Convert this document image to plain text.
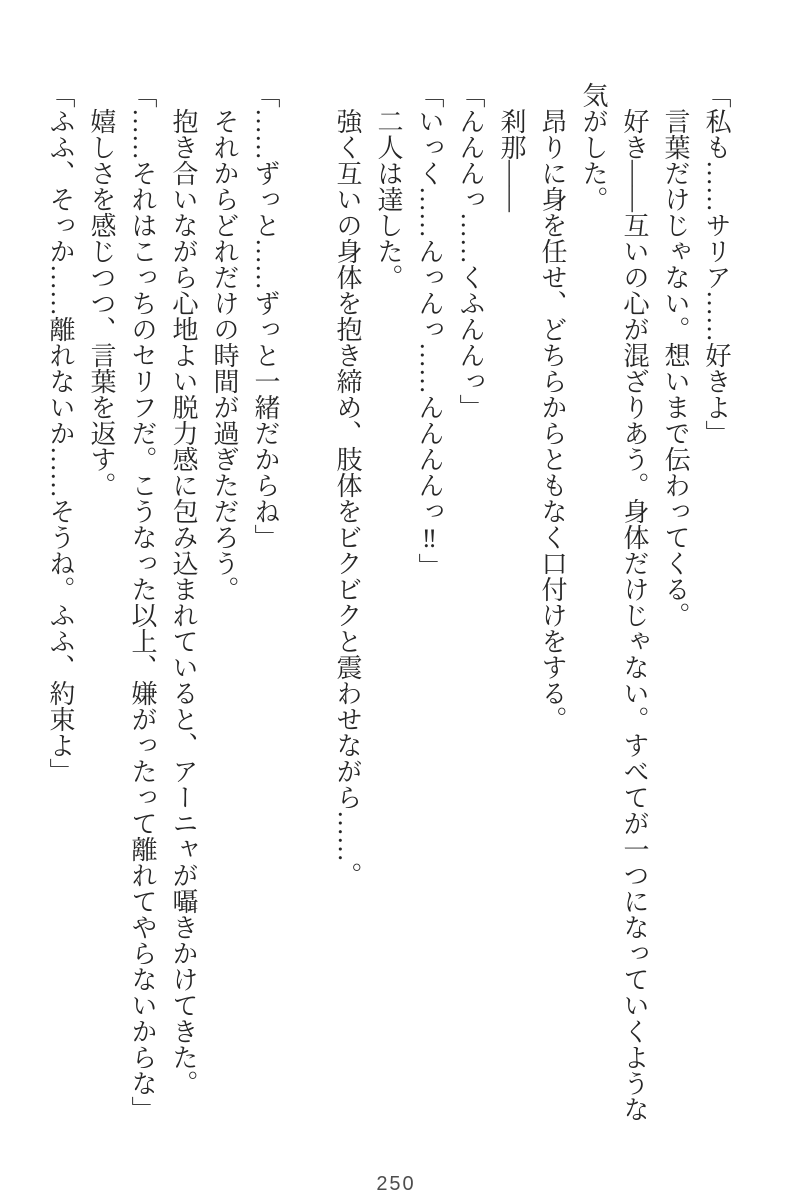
「私も……サリア……好きよ」

言葉だけじゃない。想いまで伝わってくる。

好き――互いの心が混ざりあう。身体だけじゃない。すべてが一つになっていくような気がした。

昂りに身を任せ、どちらからともなく口付けをする。

刹那――

「んんんっ……くふんんっ」

「いっく……んっんっ……んんんんっ‼」

二人は達した。

強く互いの身体を抱き締め、肢体をビクビクと震わせながら……。

「……ずっと……ずっと一緒だからね」

それからどれだけの時間が過ぎただろう。

抱き合いながら心地よい脱力感に包み込まれていると、アーニャが囁きかけてきた。

「……それはこっちのセリフだ。こうなった以上、嫌がったって離れてやらないからな」

嬉しさを感じつつ、言葉を返す。

「ふふ、そっか……離れないか……そうね。ふふ、約束よ」

250
